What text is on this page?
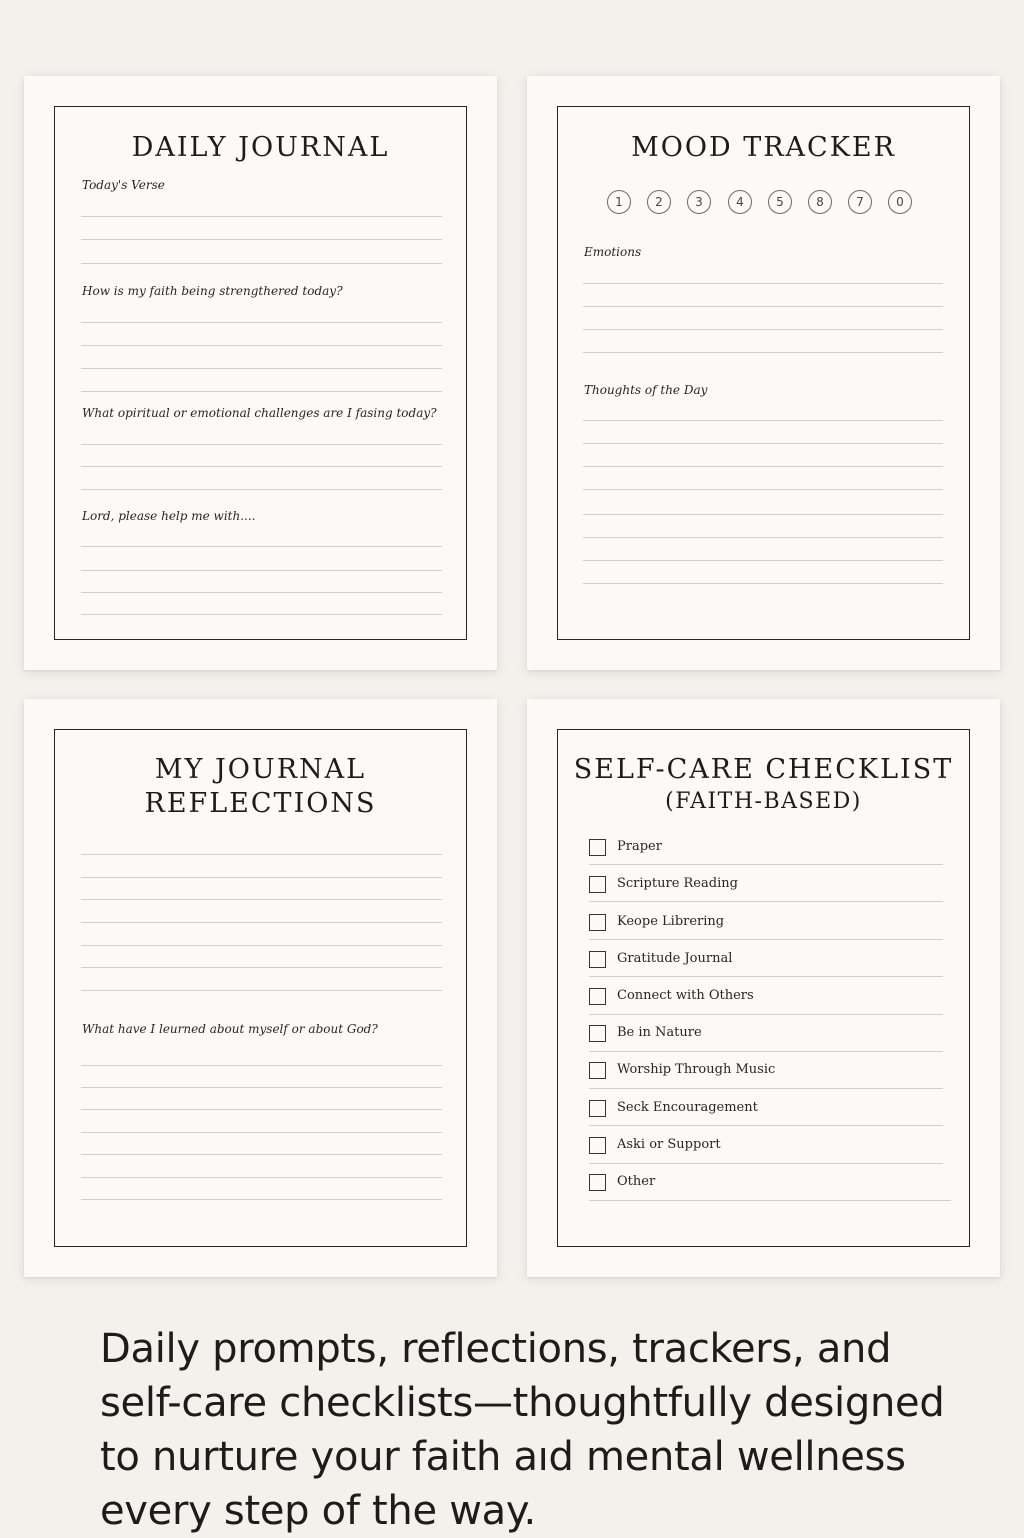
DAILY JOURNAL
Today's Verse
How is my faith being strengthered today?
What opiritual or emotional challenges are I fasing today?
Lord, please help me with....
MOOD TRACKER
1	2	3	4	5	8	7	0
Emotions
Thoughts of the Day
MY JOURNAL
REFLECTIONS
What have I leurned about myself or about God?
SELF-CARE CHECKLIST
(FAITH-BASED)
Praper
Scripture Reading
Keope Librering
Gratitude Journal
Connect with Others
Be in Nature
Worship Through Music
Seck Encouragement
Aski or Support
Other
Daily prompts, reflections, trackers, and self-care checklists—thoughtfully designed to nurture your faith aıd mental wellness every step of the way.
